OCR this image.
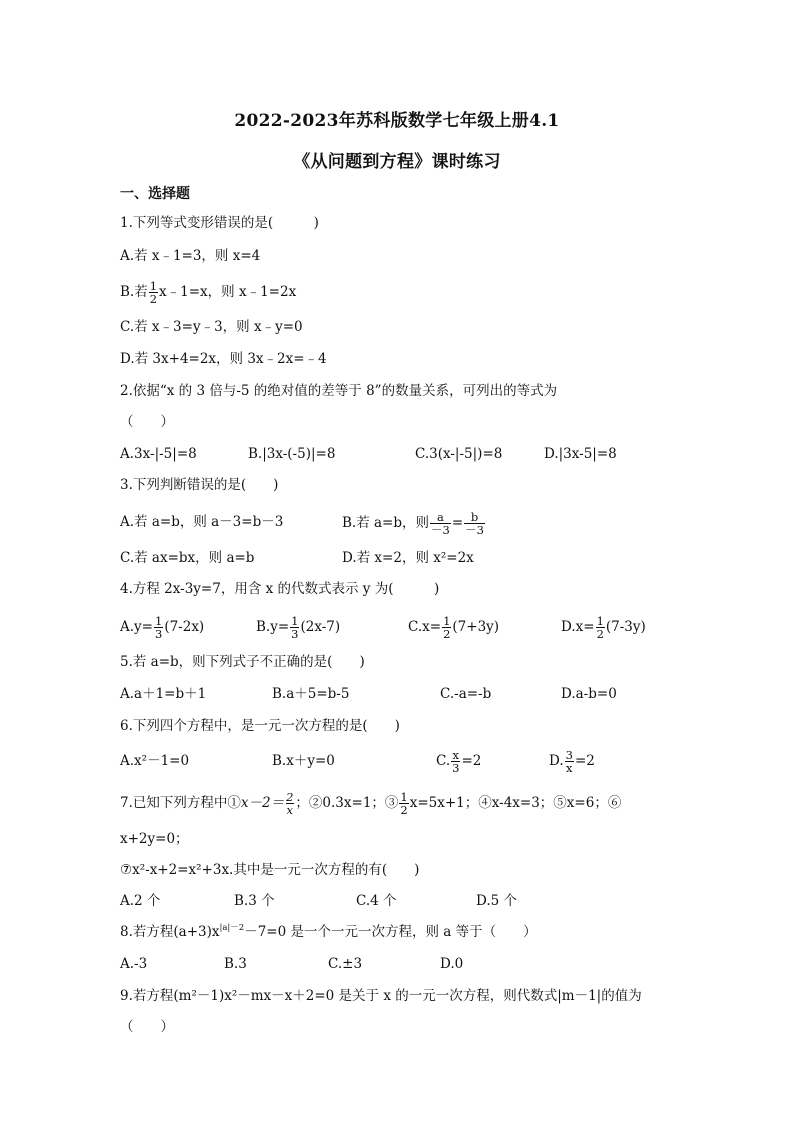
2022-2023年苏科版数学七年级上册4.1
《从问题到方程》课时练习
一、选择题
1.下列等式变形错误的是(　　　)
A.若 x﹣1=3，则 x=4
B.若 $\frac{1}{2}$ x﹣1=x，则 x﹣1=2x
C.若 x﹣3=y﹣3，则 x﹣y=0
D.若 3x+4=2x，则 3x﹣2x=﹣4
2.依据“x 的 3 倍与-5 的绝对值的差等于 8”的数量关系，可列出的等式为
（　　）
A.3x-|-5|=8	B.|3x-(-5)|=8	C.3(x-|-5|)=8	D.|3x-5|=8
3.下列判断错误的是(　　)
A.若 a=b，则 a－3=b－3	B.若 a=b，则 $\frac{a}{-3} = \frac{b}{-3}$
C.若 ax=bx，则 a=b	D.若 x=2，则 x²=2x
4.方程 2x-3y=7，用含 x 的代数式表示 y 为(　　　)
$A.y= \frac{1}{3} (7-2x)$	$B.y= \frac{1}{3} (2x-7)$	$C.x= \frac{1}{2} (7+3y)$	$D.x= \frac{1}{2} (7-3y)$
5.若 a=b，则下列式子不正确的是(　　)
A.a＋1=b＋1	B.a＋5=b-5	C.-a=-b	D.a-b=0
6.下列四个方程中，是一元一次方程的是(　　)
A.x²－1=0	B.x＋y=0	C. $\frac{x}{3} =2$	D. $\frac{3}{x} =2$
7.已知下列方程中①x－2＝ $\frac{2}{x}$ ；②0.3x=1；③ $\frac{1}{2} x=5x+1$；④x-4x=3；⑤x=6；⑥
x+2y=0；
⑦x²-x+2=x²+3x.其中是一元一次方程的有(　　)
A.2 个	B.3 个	C.4 个	D.5 个
8.若方程$(a+3)x^{|a|-2}-7=0$ 是一个一元一次方程，则 a 等于（　　）
A.-3	B.3	C.±3	D.0
9.若方程(m²－1)x²－mx－x＋2=0 是关于 x 的一元一次方程，则代数式|m－1|的值为
（　　）
